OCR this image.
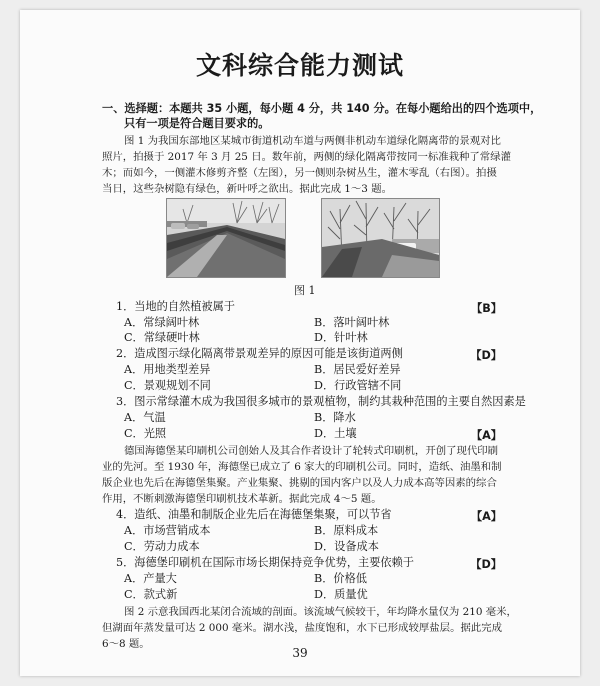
文科综合能力测试
一、选择题：本题共 35 小题，每小题 4 分，共 140 分。在每小题给出的四个选项中，
只有一项是符合题目要求的。
图 1 为我国东部地区某城市街道机动车道与两侧非机动车道绿化隔离带的景观对比
照片，拍摄于 2017 年 3 月 25 日。数年前，两侧的绿化隔离带按同一标准栽种了常绿灌
木；而如今，一侧灌木修剪齐整（左图），另一侧则杂树丛生，灌木零乱（右图）。拍摄
当日，这些杂树隐有绿色，新叶呼之欲出。据此完成 1～3 题。
图 1
1．当地的自然植被属于	【B】
A．常绿阔叶林	B．落叶阔叶林
C．常绿硬叶林	D．针叶林
2．造成图示绿化隔离带景观差异的原因可能是该街道两侧	【D】
A．用地类型差异	B．居民爱好差异
C．景观规划不同	D．行政管辖不同
3．图示常绿灌木成为我国很多城市的景观植物，制约其栽种范围的主要自然因素是
A．气温	B．降水
C．光照	D．土壤	【A】
德国海德堡某印刷机公司创始人及其合作者设计了轮转式印刷机，开创了现代印刷
业的先河。至 1930 年，海德堡已成立了 6 家大的印刷机公司。同时，造纸、油墨和制
版企业也先后在海德堡集聚。产业集聚、挑剔的国内客户以及人力成本高等因素的综合
作用，不断刺激海德堡印刷机技术革新。据此完成 4～5 题。
4．造纸、油墨和制版企业先后在海德堡集聚，可以节省	【A】
A．市场营销成本	B．原料成本
C．劳动力成本	D．设备成本
5．海德堡印刷机在国际市场长期保持竞争优势，主要依赖于	【D】
A．产量大	B．价格低
C．款式新	D．质量优
图 2 示意我国西北某闭合流域的剖面。该流域气候较干，年均降水量仅为 210 毫米，
但湖面年蒸发量可达 2 000 毫米。湖水浅，盐度饱和，水下已形成较厚盐层。据此完成
6～8 题。
39
